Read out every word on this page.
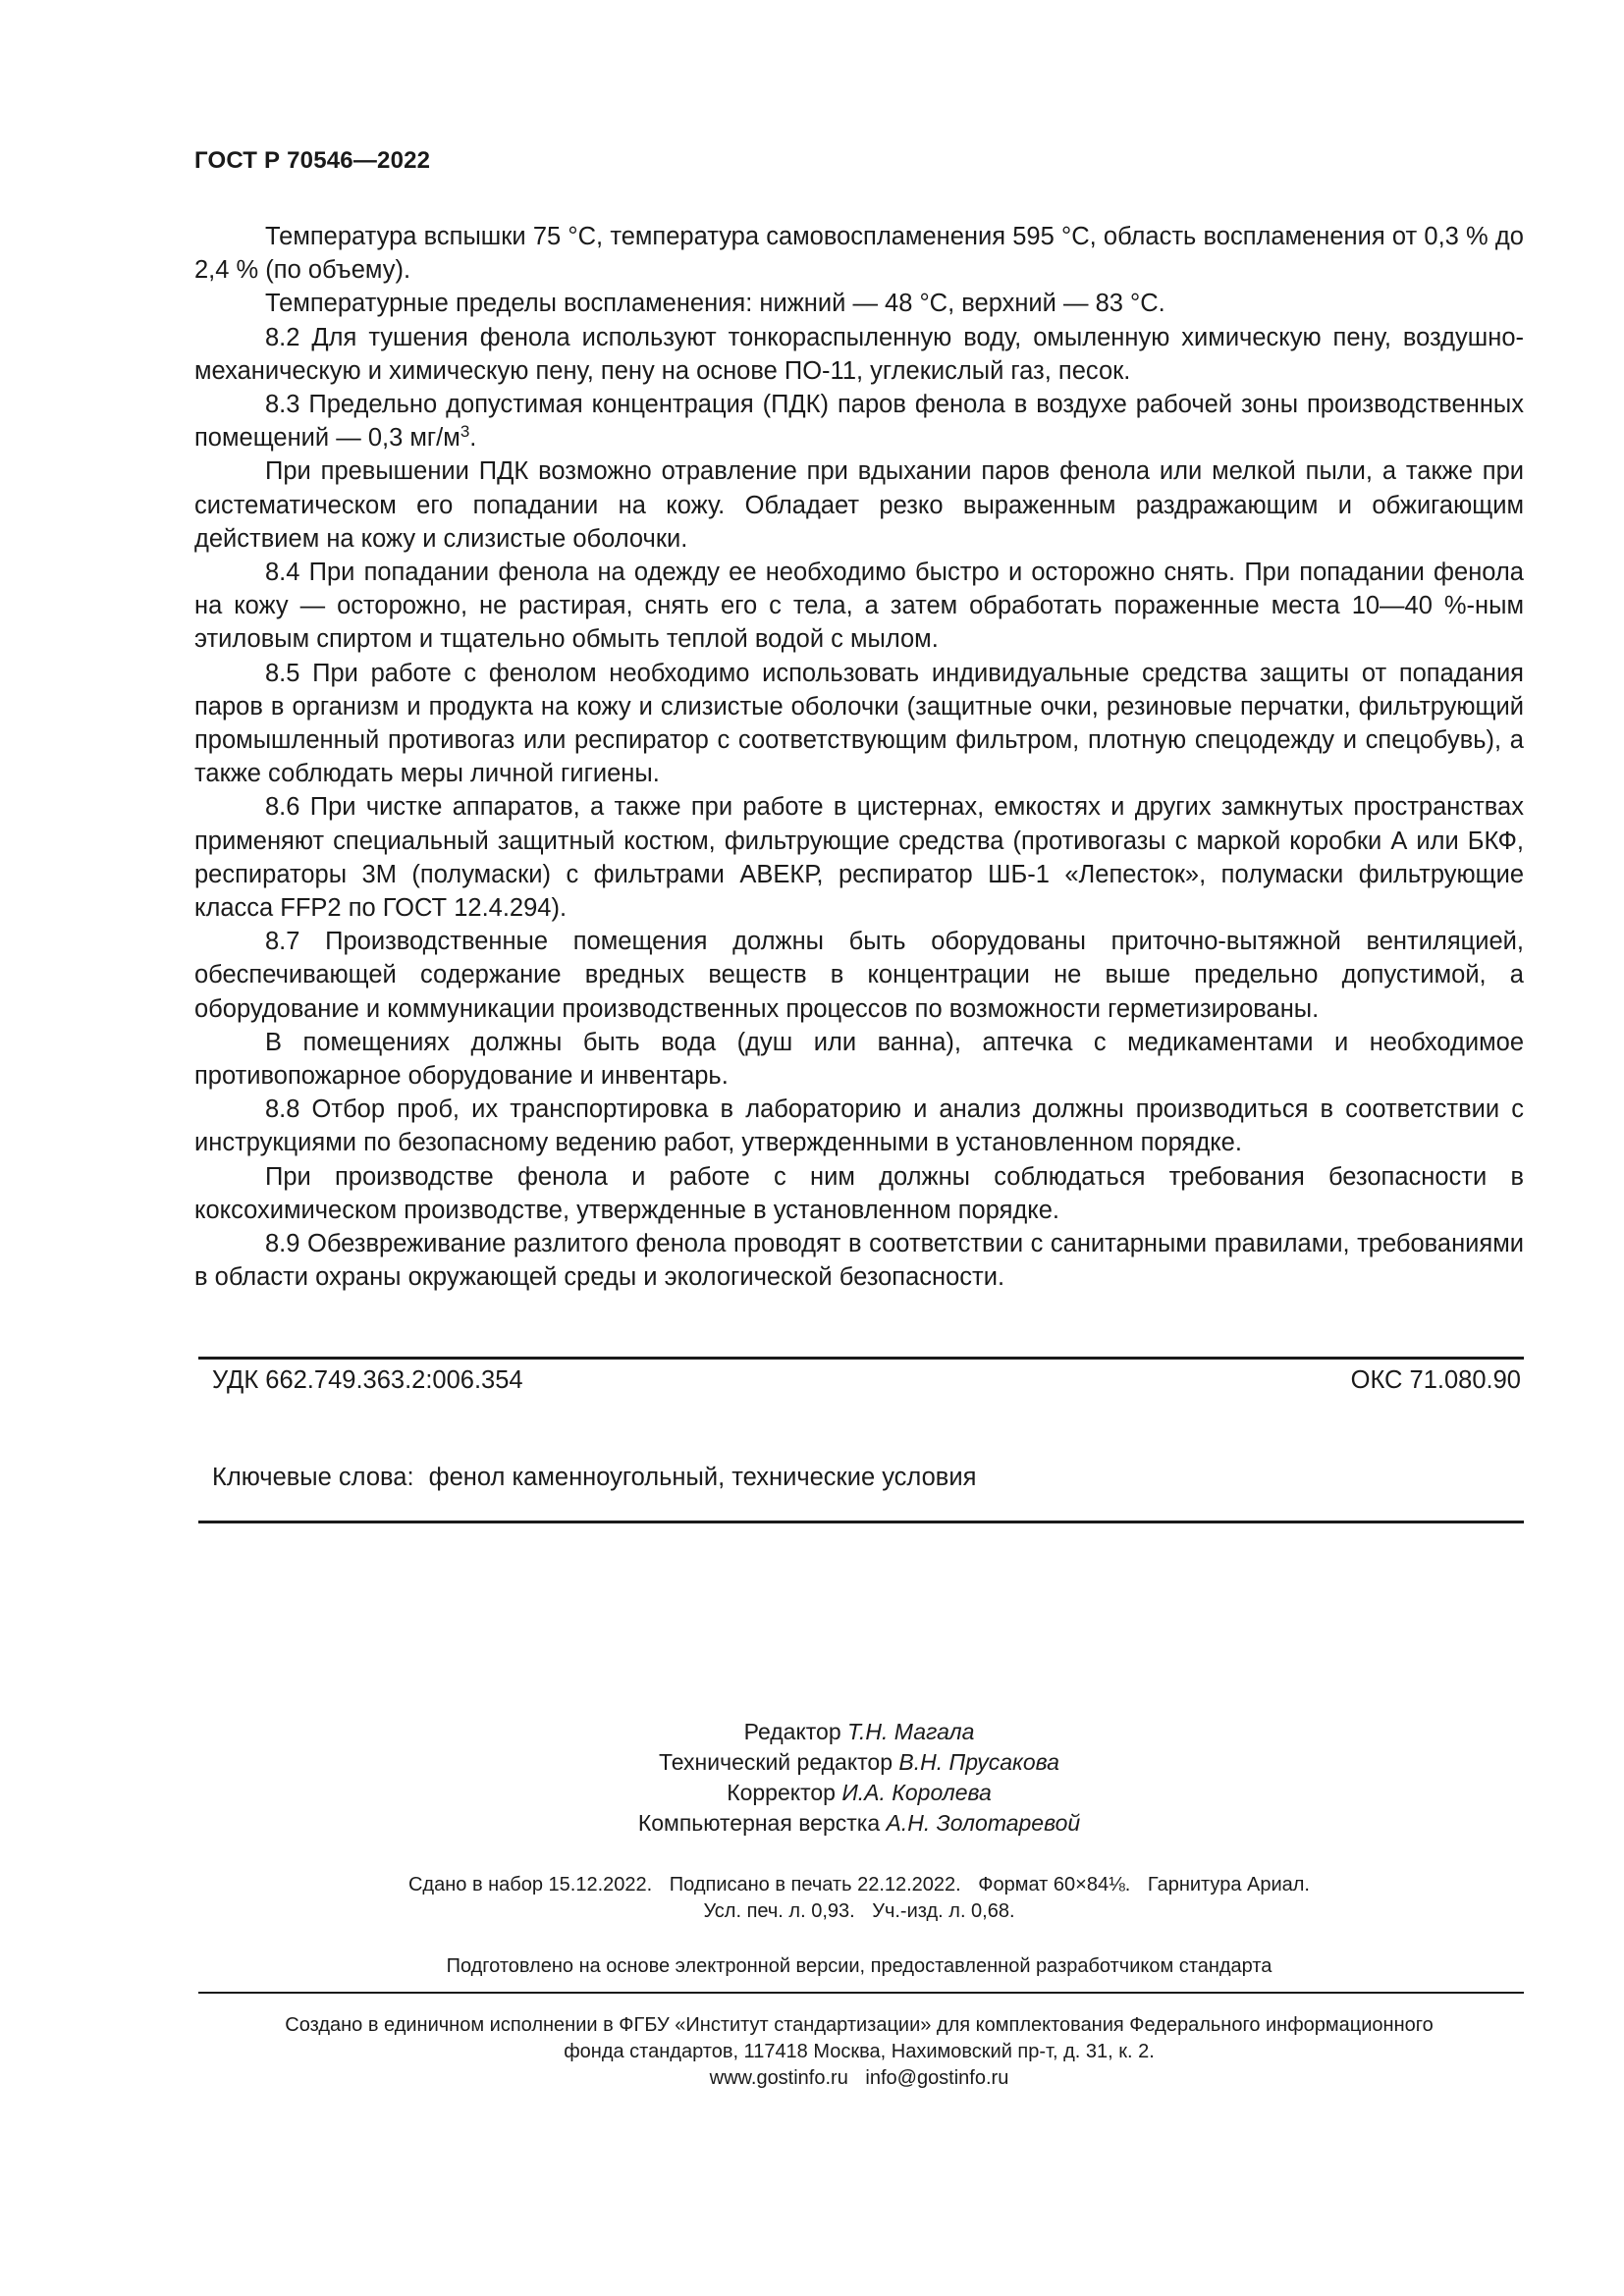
ГОСТ Р 70546—2022

Температура вспышки 75 °C, температура самовоспламенения 595 °C, область воспламенения от 0,3 % до 2,4 % (по объему).

Температурные пределы воспламенения: нижний — 48 °C, верхний — 83 °C.

8.2 Для тушения фенола используют тонкораспыленную воду, омыленную химическую пену, воздушно-механическую и химическую пену, пену на основе ПО-11, углекислый газ, песок.

8.3 Предельно допустимая концентрация (ПДК) паров фенола в воздухе рабочей зоны производственных помещений — 0,3 $мг/м^3$.

При превышении ПДК возможно отравление при вдыхании паров фенола или мелкой пыли, а также при систематическом его попадании на кожу. Обладает резко выраженным раздражающим и обжигающим действием на кожу и слизистые оболочки.

8.4 При попадании фенола на одежду ее необходимо быстро и осторожно снять. При попадании фенола на кожу — осторожно, не растирая, снять его с тела, а затем обработать пораженные места 10—40 %-ным этиловым спиртом и тщательно обмыть теплой водой с мылом.

8.5 При работе с фенолом необходимо использовать индивидуальные средства защиты от попадания паров в организм и продукта на кожу и слизистые оболочки (защитные очки, резиновые перчатки, фильтрующий промышленный противогаз или респиратор с соответствующим фильтром, плотную спецодежду и спецобувь), а также соблюдать меры личной гигиены.

8.6 При чистке аппаратов, а также при работе в цистернах, емкостях и других замкнутых пространствах применяют специальный защитный костюм, фильтрующие средства (противогазы с маркой коробки А или БКФ, респираторы 3М (полумаски) с фильтрами АВЕКР, респиратор ШБ-1 «Лепесток», полумаски фильтрующие класса FFP2 по ГОСТ 12.4.294).

8.7 Производственные помещения должны быть оборудованы приточно-вытяжной вентиляцией, обеспечивающей содержание вредных веществ в концентрации не выше предельно допустимой, а оборудование и коммуникации производственных процессов по возможности герметизированы.

В помещениях должны быть вода (душ или ванна), аптечка с медикаментами и необходимое противопожарное оборудование и инвентарь.

8.8 Отбор проб, их транспортировка в лабораторию и анализ должны производиться в соответствии с инструкциями по безопасному ведению работ, утвержденными в установленном порядке.

При производстве фенола и работе с ним должны соблюдаться требования безопасности в коксохимическом производстве, утвержденные в установленном порядке.

8.9 Обезвреживание разлитого фенола проводят в соответствии с санитарными правилами, требованиями в области охраны окружающей среды и экологической безопасности.

УДК 662.749.363.2:006.354	ОКС 71.080.90
Ключевые слова: фенол каменноугольный, технические условия
Редактор Т.Н. Магала
Технический редактор В.Н. Прусакова
Корректор И.А. Королева
Компьютерная верстка А.Н. Золотаревой
Сдано в набор 15.12.2022. Подписано в печать 22.12.2022. Формат 60×84⅛. Гарнитура Ариал.
Усл. печ. л. 0,93. Уч.-изд. л. 0,68.
Подготовлено на основе электронной версии, предоставленной разработчиком стандарта
Создано в единичном исполнении в ФГБУ «Институт стандартизации» для комплектования Федерального информационного
фонда стандартов, 117418 Москва, Нахимовский пр-т, д. 31, к. 2.
www.gostinfo.ru info@gostinfo.ru
